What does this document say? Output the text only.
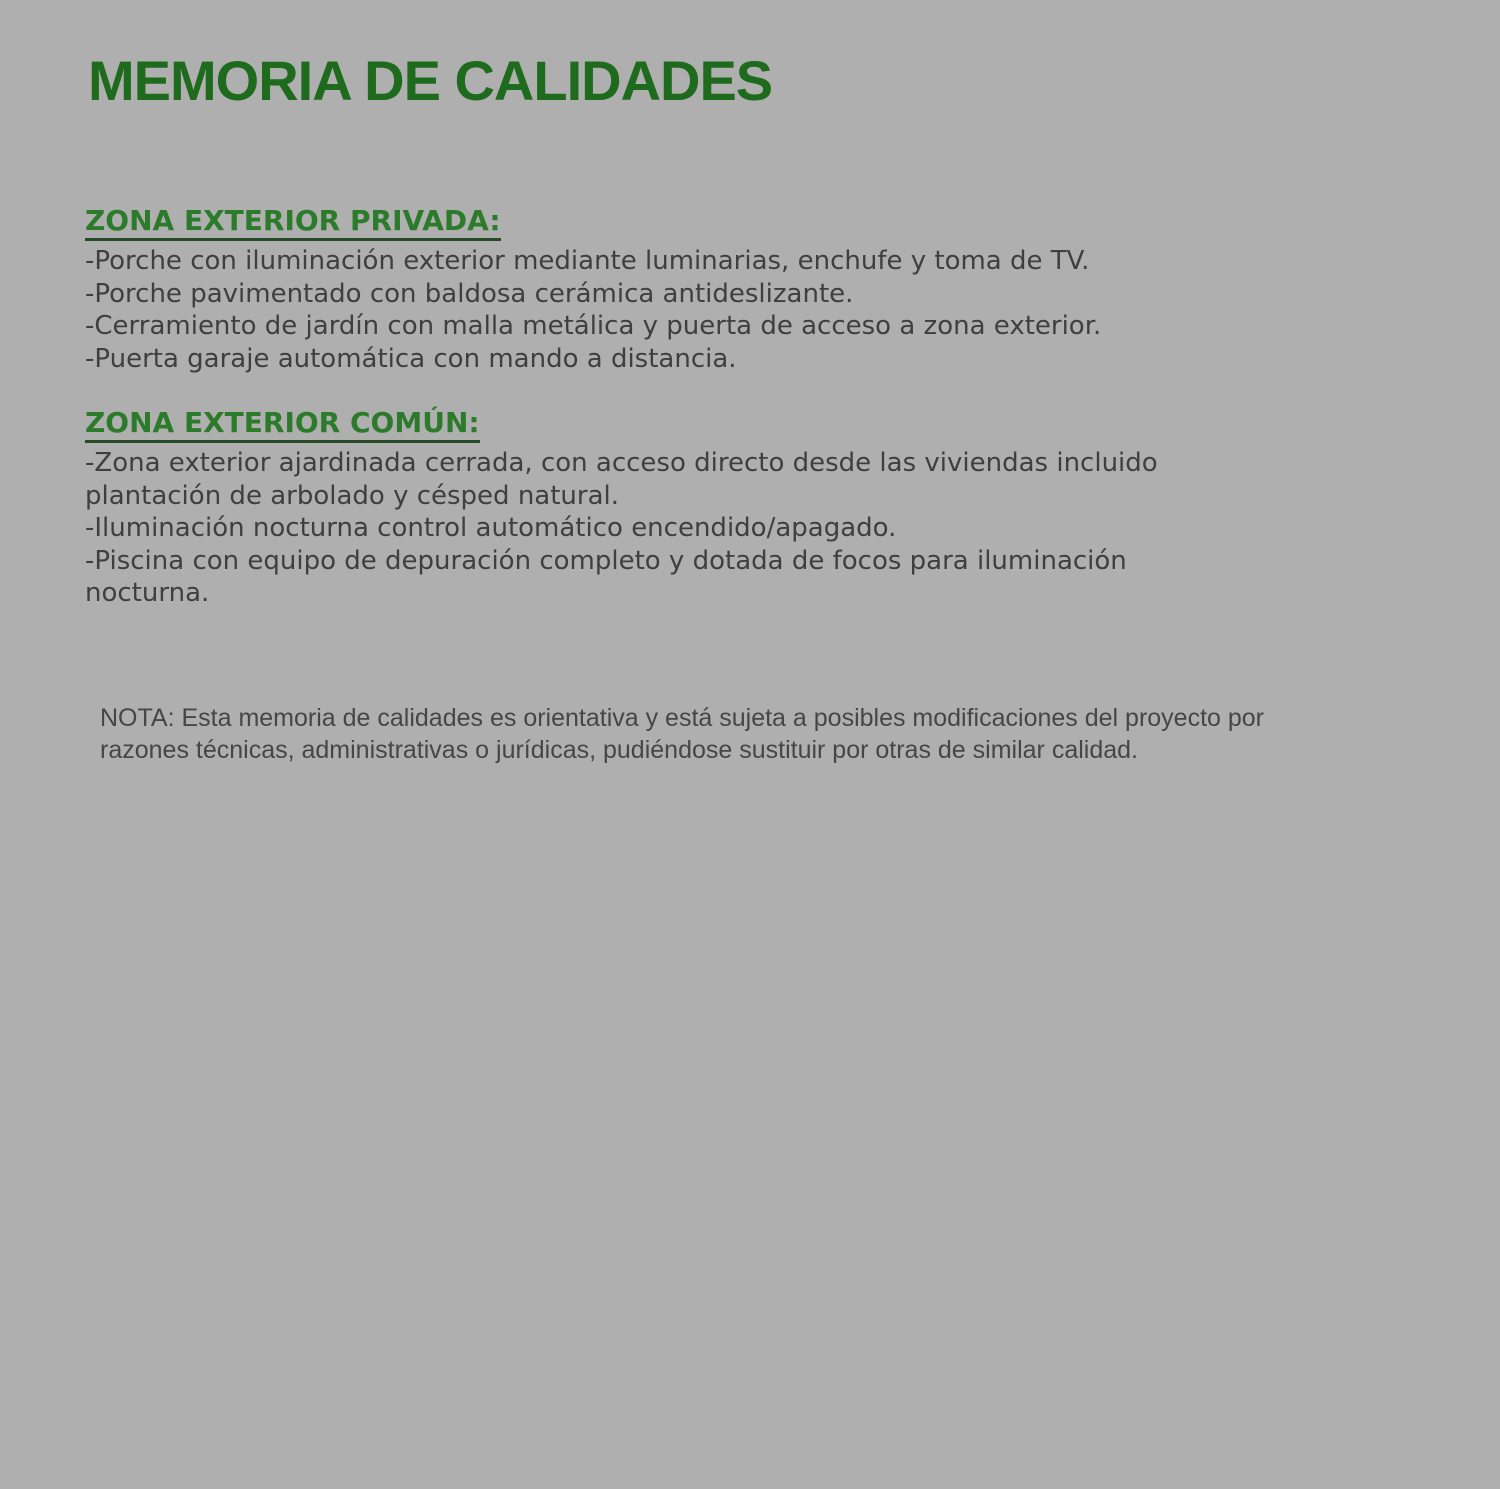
MEMORIA DE CALIDADES
ZONA EXTERIOR PRIVADA:

-Porche con iluminación exterior mediante luminarias, enchufe y toma de TV.

-Porche pavimentado con baldosa cerámica antideslizante.

-Cerramiento de jardín con malla metálica y puerta de acceso a zona exterior.

-Puerta garaje automática con mando a distancia.

ZONA EXTERIOR COMÚN:

-Zona exterior ajardinada cerrada, con acceso directo desde las viviendas incluido plantación de arbolado y césped natural.

-Iluminación nocturna control automático encendido/apagado.

-Piscina con equipo de depuración completo y dotada de focos para iluminación nocturna.

NOTA: Esta memoria de calidades es orientativa y está sujeta a posibles modificaciones del proyecto por razones técnicas, administrativas o jurídicas, pudiéndose sustituir por otras de similar calidad.
